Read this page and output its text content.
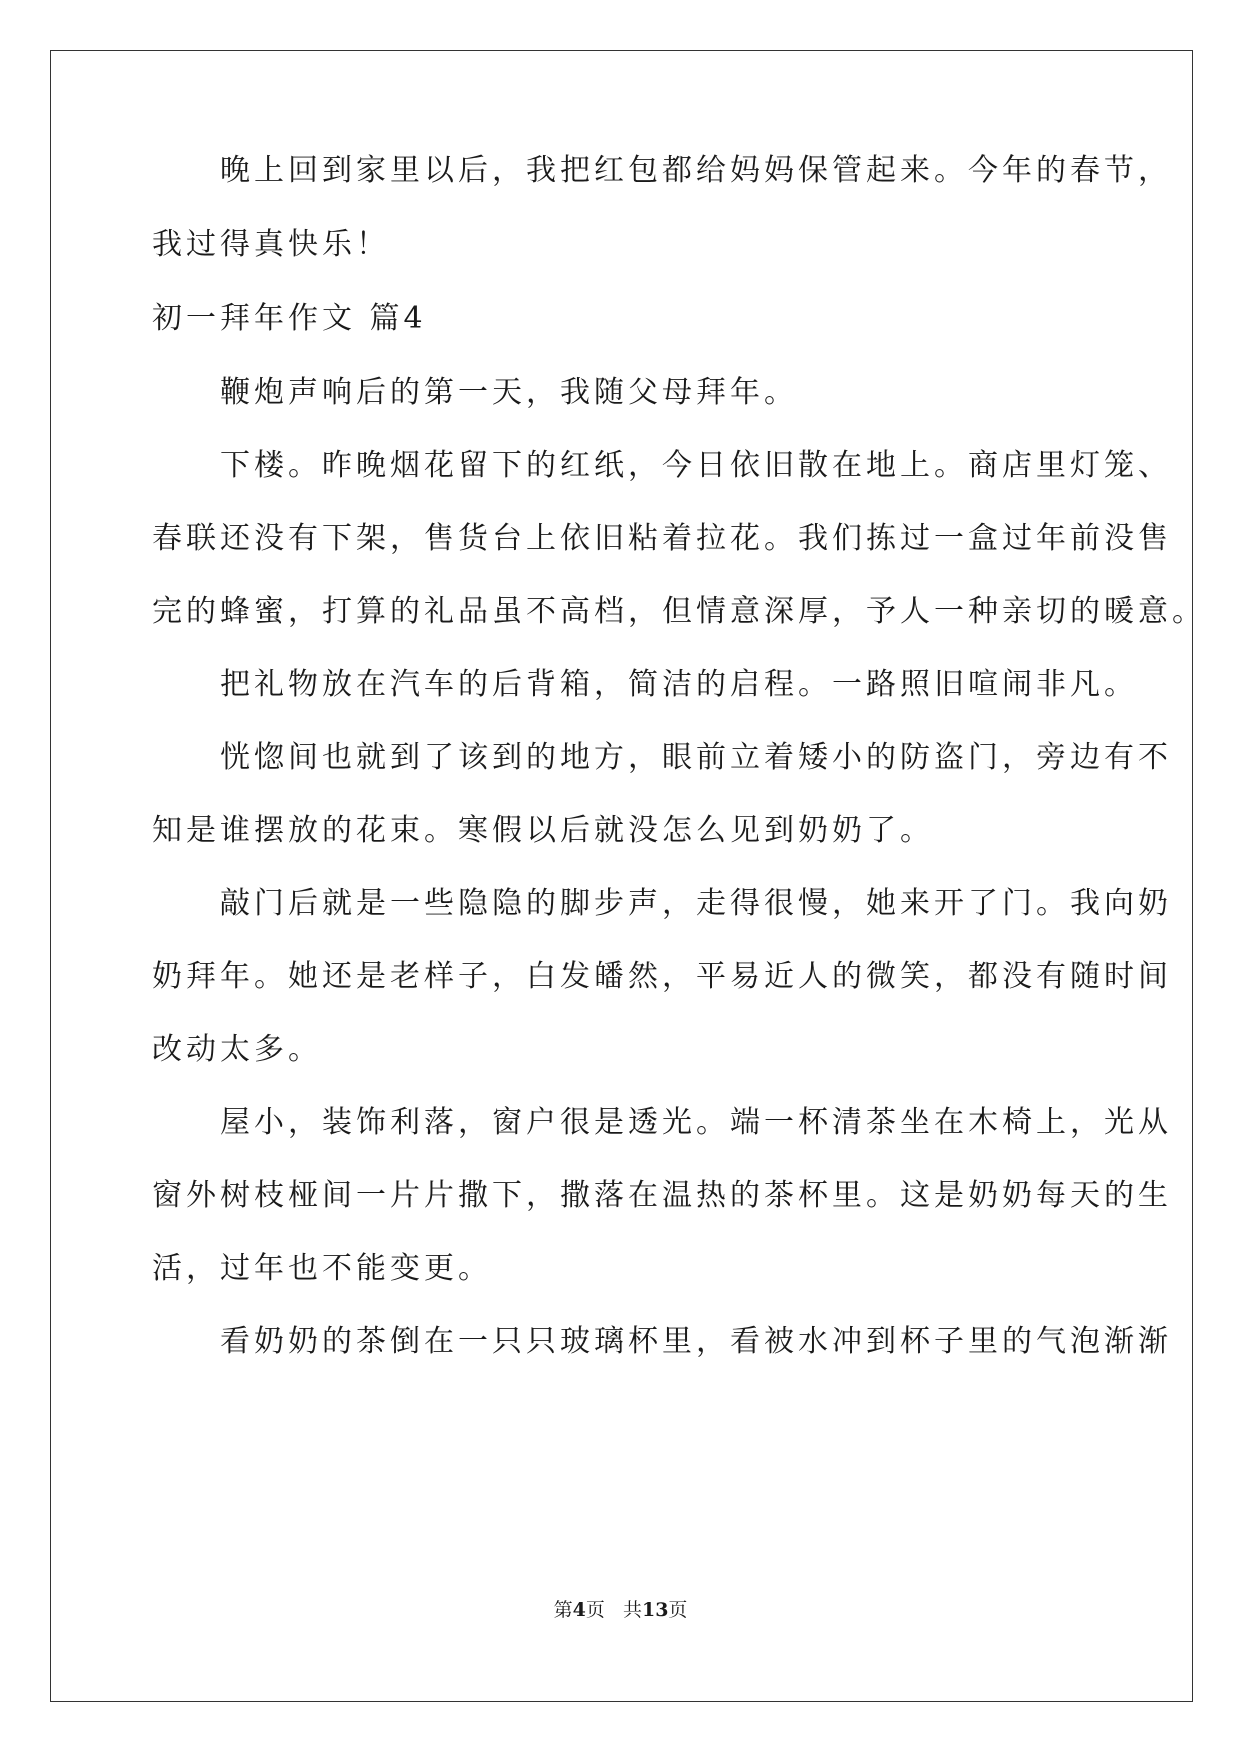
　　晚上回到家里以后，我把红包都给妈妈保管起来。今年的春节，
我过得真快乐！
初一拜年作文 篇4
　　鞭炮声响后的第一天，我随父母拜年。
　　下楼。昨晚烟花留下的红纸，今日依旧散在地上。商店里灯笼、
春联还没有下架，售货台上依旧粘着拉花。我们拣过一盒过年前没售
完的蜂蜜，打算的礼品虽不高档，但情意深厚，予人一种亲切的暖意。
　　把礼物放在汽车的后背箱，简洁的启程。一路照旧喧闹非凡。
　　恍惚间也就到了该到的地方，眼前立着矮小的防盗门，旁边有不
知是谁摆放的花束。寒假以后就没怎么见到奶奶了。
　　敲门后就是一些隐隐的脚步声，走得很慢，她来开了门。我向奶
奶拜年。她还是老样子，白发皤然，平易近人的微笑，都没有随时间
改动太多。
　　屋小，装饰利落，窗户很是透光。端一杯清茶坐在木椅上，光从
窗外树枝桠间一片片撒下，撒落在温热的茶杯里。这是奶奶每天的生
活，过年也不能变更。
　　看奶奶的茶倒在一只只玻璃杯里，看被水冲到杯子里的气泡渐渐
第4页 共13页
